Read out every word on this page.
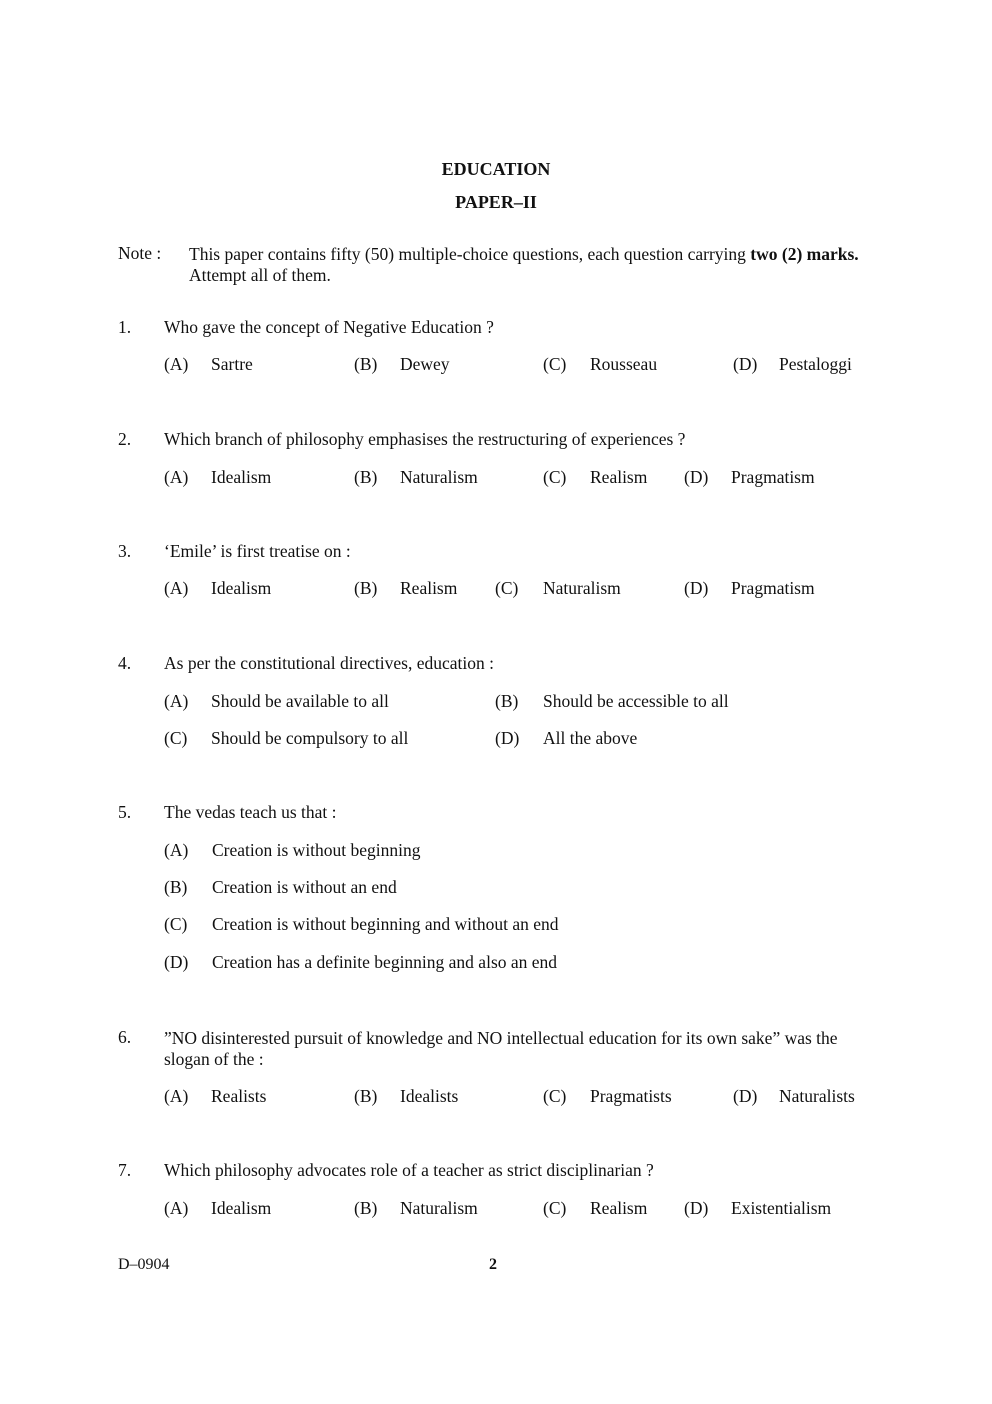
EDUCATION
PAPER–II
Note : This paper contains fifty (50) multiple-choice questions, each question carrying two (2) marks. Attempt all of them.
1. Who gave the concept of Negative Education ?
(A) Sartre	(B) Dewey	(C) Rousseau	(D) Pestaloggi
2. Which branch of philosophy emphasises the restructuring of experiences ?
(A) Idealism	(B) Naturalism	(C) Realism (D) Pragmatism
3. ‘Emile’ is first treatise on :
(A) Idealism	(B) Realism (C) Naturalism	(D) Pragmatism
4. As per the constitutional directives, education :
(A) Should be available to all	(B) Should be accessible to all
(C) Should be compulsory to all	(D) All the above
5. The vedas teach us that :
(A) Creation is without beginning
(B) Creation is without an end
(C) Creation is without beginning and without an end
(D) Creation has a definite beginning and also an end
6. ”NO disinterested pursuit of knowledge and NO intellectual education for its own sake” was the slogan of the :
(A) Realists	(B) Idealists	(C) Pragmatists	(D) Naturalists
7. Which philosophy advocates role of a teacher as strict disciplinarian ?
(A) Idealism	(B) Naturalism	(C) Realism (D) Existentialism
D–0904	2
